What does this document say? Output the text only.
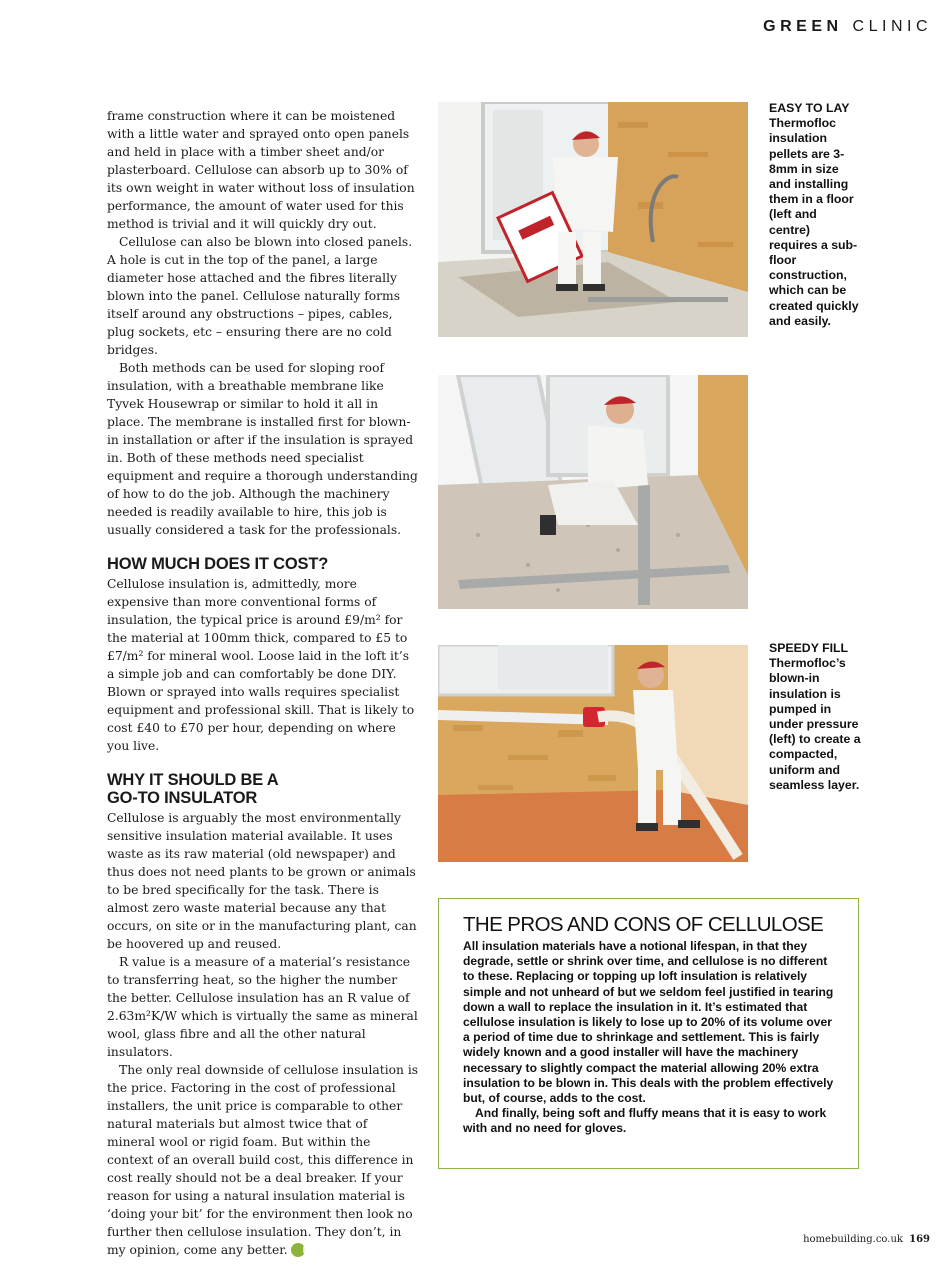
GREEN CLINIC

frame construction where it can be moistened with a little water and sprayed onto open panels and held in place with a timber sheet and/or plasterboard. Cellulose can absorb up to 30% of its own weight in water without loss of insulation performance, the amount of water used for this method is trivial and it will quickly dry out.

Cellulose can also be blown into closed panels. A hole is cut in the top of the panel, a large diameter hose attached and the fibres literally blown into the panel. Cellulose naturally forms itself around any obstructions – pipes, cables, plug sockets, etc – ensuring there are no cold bridges.

Both methods can be used for sloping roof insulation, with a breathable membrane like Tyvek Housewrap or similar to hold it all in place. The membrane is installed first for blown-in installation or after if the insulation is sprayed in. Both of these methods need specialist equipment and require a thorough understanding of how to do the job. Although the machinery needed is readily available to hire, this job is usually considered a task for the professionals.

HOW MUCH DOES IT COST?

Cellulose insulation is, admittedly, more expensive than more conventional forms of insulation, the typical price is around £9/m² for the material at 100mm thick, compared to £5 to £7/m² for mineral wool. Loose laid in the loft it’s a simple job and can comfortably be done DIY. Blown or sprayed into walls requires specialist equipment and professional skill. That is likely to cost £40 to £70 per hour, depending on where you live.

WHY IT SHOULD BE A
GO-TO INSULATOR

Cellulose is arguably the most environmentally sensitive insulation material available. It uses waste as its raw material (old newspaper) and thus does not need plants to be grown or animals to be bred specifically for the task. There is almost zero waste material because any that occurs, on site or in the manufacturing plant, can be hoovered up and reused.

R value is a measure of a material’s resistance to transferring heat, so the higher the number the better. Cellulose insulation has an R value of 2.63m²K/W which is virtually the same as mineral wool, glass fibre and all the other natural insulators.

The only real downside of cellulose insulation is the price. Factoring in the cost of professional installers, the unit price is comparable to other natural materials but almost twice that of mineral wool or rigid foam. But within the context of an overall build cost, this difference in cost really should not be a deal breaker. If your reason for using a natural insulation material is ‘doing your bit’ for the environment then look no further then cellulose insulation. They don’t, in my opinion, come any better. H

EASY TO LAY
Thermofloc insulation pellets are 3-8mm in size and installing them in a floor (left and centre) requires a sub-floor construction, which can be created quickly and easily.
SPEEDY FILL
Thermofloc’s blown-in insulation is pumped in under pressure (left) to create a compacted, uniform and seamless layer.
THE PROS AND CONS OF CELLULOSE

All insulation materials have a notional lifespan, in that they degrade, settle or shrink over time, and cellulose is no different to these. Replacing or topping up loft insulation is relatively simple and not unheard of but we seldom feel justified in tearing down a wall to replace the insulation in it. It’s estimated that cellulose insulation is likely to lose up to 20% of its volume over a period of time due to shrinkage and settlement. This is fairly widely known and a good installer will have the machinery necessary to slightly compact the material allowing 20% extra insulation to be blown in. This deals with the problem effectively but, of course, adds to the cost.

And finally, being soft and fluffy means that it is easy to work with and no need for gloves.

homebuilding.co.uk 169
